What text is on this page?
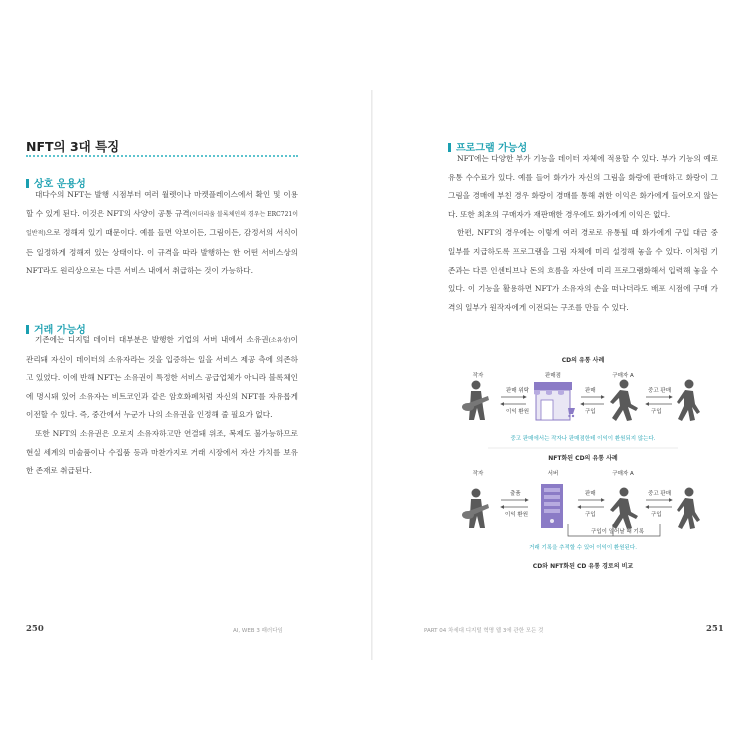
NFT의 3대 특징
상호 운용성

대다수의 NFT는 발행 시점부터 여러 월렛이나 마켓플레이스에서 확인 및 이용할 수 있게 된다. 이것은 NFT의 사양이 공통 규격(이더리움 블록체인의 경우는 ERC721이 일반적)으로 정해져 있기 때문이다. 예를 들면 악보이든, 그림이든, 감정서의 서식이든 일정하게 정해져 있는 상태이다. 이 규격을 따라 발행하는 한 어떤 서비스상의 NFT라도 원리상으로는 다른 서비스 내에서 취급하는 것이 가능하다.

거래 가능성

기존에는 디지털 데이터 대부분은 발행한 기업의 서버 내에서 소유권(소유상)이 관리돼 자신이 데이터의 소유자라는 것을 입증하는 일을 서비스 제공 측에 의존하고 있었다. 이에 반해 NFT는 소유권이 특정한 서비스 공급업체가 아니라 블록체인에 명시돼 있어 소유자는 비트코인과 같은 암호화폐처럼 자신의 NFT를 자유롭게 이전할 수 있다. 즉, 중간에서 누군가 나의 소유권을 인정해 줄 필요가 없다.

또한 NFT의 소유권은 오로지 소유자하고만 연결돼 위조, 복제도 불가능하므로 현실 세계의 미술품이나 수집품 등과 마찬가지로 거래 시장에서 자산 가치를 보유한 존재로 취급된다.

250	AI, WEB 3 패러다임
프로그램 가능성

NFT에는 다양한 부가 기능을 데이터 자체에 적용할 수 있다. 부가 기능의 예로 유통 수수료가 있다. 예를 들어 화가가 자신의 그림을 화랑에 판매하고 화랑이 그 그림을 경매에 부친 경우 화랑이 경매를 통해 취한 이익은 화가에게 들어오지 않는다. 또한 최초의 구매자가 재판매한 경우에도 화가에게 이익은 없다.

한편, NFT의 경우에는 이렇게 여러 경로로 유통될 때 화가에게 구입 대금 중 일부를 지급하도록 프로그램을 그림 자체에 미리 설정해 놓을 수 있다. 이처럼 기존과는 다른 인센티브나 돈의 흐름을 자산에 미리 프로그램화해서 입력해 놓을 수 있다. 이 기능을 활용하면 NFT가 소유자의 손을 떠나더라도 배포 시점에 구매 가격의 일부가 원작자에게 이전되는 구조를 만들 수 있다.

CD의 유통 사례
작자	판매점	구매자 A
판매 위탁
이익 환원
판매
구입
중고 판매
구입
중고 판매에서는 작자나 판매점한테 이익이 환원되지 않는다.
NFT화된 CD의 유통 사례
작자	서버	구매자 A
출품
이익 환원
판매
구입
중고 판매
구입
구입이 일어날 때 기록
거래 기록을 추적할 수 있어 이익이 환원된다.
CD와 NFT화된 CD 유통 경로의 비교
PART 04 차세대 디지털 혁명 웹 3에 관한 모든 것	251
